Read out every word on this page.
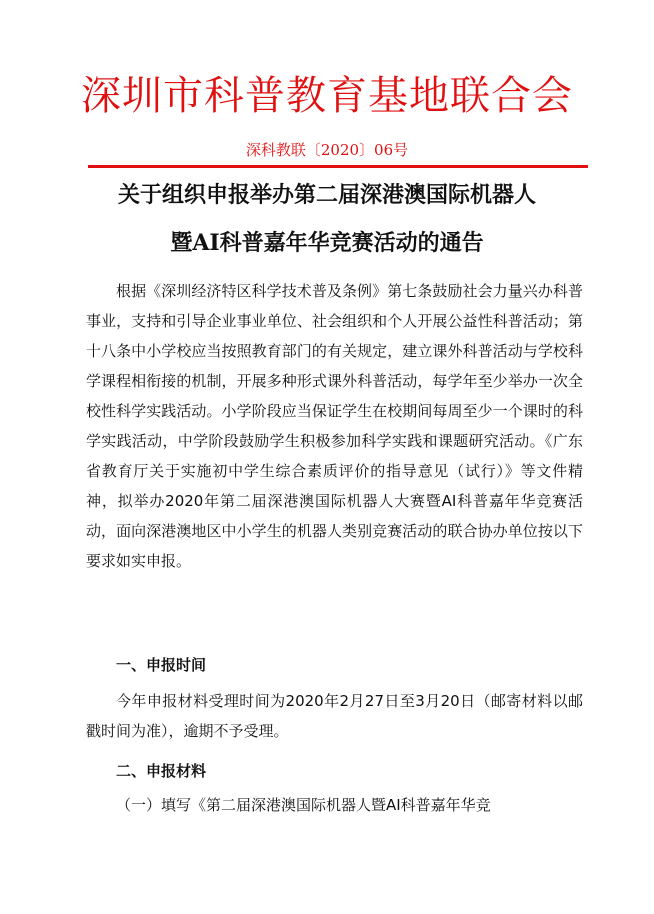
深圳市科普教育基地联合会
深科教联〔2020〕06号
关于组织申报举办第二届深港澳国际机器人
暨AI科普嘉年华竞赛活动的通告
根据《深圳经济特区科学技术普及条例》第七条鼓励社会力量兴办科普事业，支持和引导企业事业单位、社会组织和个人开展公益性科普活动；第十八条中小学校应当按照教育部门的有关规定，建立课外科普活动与学校科学课程相衔接的机制，开展多种形式课外科普活动，每学年至少举办一次全校性科学实践活动。小学阶段应当保证学生在校期间每周至少一个课时的科学实践活动，中学阶段鼓励学生积极参加科学实践和课题研究活动。《广东省教育厅关于实施初中学生综合素质评价的指导意见（试行）》等文件精神，拟举办2020年第二届深港澳国际机器人大赛暨AI科普嘉年华竞赛活动，面向深港澳地区中小学生的机器人类别竞赛活动的联合协办单位按以下要求如实申报。
一、申报时间
今年申报材料受理时间为2020年2月27日至3月20日（邮寄材料以邮戳时间为准），逾期不予受理。
二、申报材料
（一）填写《第二届深港澳国际机器人暨AI科普嘉年华竞
